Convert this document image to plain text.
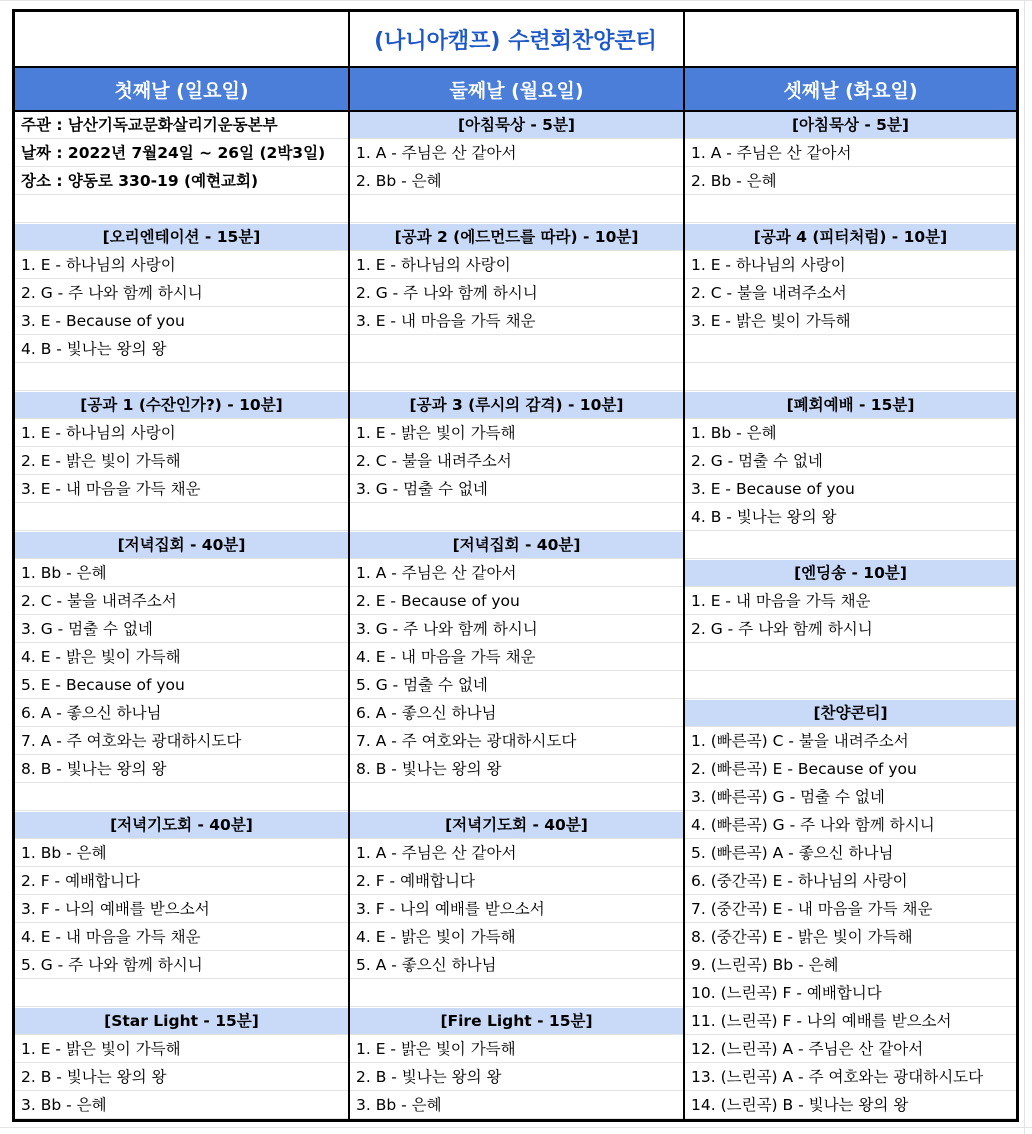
주관 : 남산기독교문화살리기운동본부
날짜 : 2022년 7월24일 ~ 26일 (2박3일)
장소 : 양동로 330-19 (예현교회)
[오리엔테이션 - 15분]
1. E - 하나님의 사랑이
2. G - 주 나와 함께 하시니
3. E - Because of you
4. B - 빛나는 왕의 왕
[공과 1 (수잔인가?) - 10분]
1. E - 하나님의 사랑이
2. E - 밝은 빛이 가득해
3. E - 내 마음을 가득 채운
[저녁집회 - 40분]
1. Bb - 은혜
2. C - 불을 내려주소서
3. G - 멈출 수 없네
4. E - 밝은 빛이 가득해
5. E - Because of you
6. A - 좋으신 하나님
7. A - 주 여호와는 광대하시도다
8. B - 빛나는 왕의 왕
[저녁기도회 - 40분]
1. Bb - 은혜
2. F - 예배합니다
3. F - 나의 예배를 받으소서
4. E - 내 마음을 가득 채운
5. G - 주 나와 함께 하시니
[Star Light - 15분]
1. E - 밝은 빛이 가득해
2. B - 빛나는 왕의 왕
3. Bb - 은혜
[아침묵상 - 5분]
1. A - 주님은 산 같아서
2. Bb - 은혜
[공과 2 (에드먼드를 따라) - 10분]
1. E - 하나님의 사랑이
2. G - 주 나와 함께 하시니
3. E - 내 마음을 가득 채운
[공과 3 (루시의 감격) - 10분]
1. E - 밝은 빛이 가득해
2. C - 불을 내려주소서
3. G - 멈출 수 없네
[저녁집회 - 40분]
1. A - 주님은 산 같아서
2. E - Because of you
3. G - 주 나와 함께 하시니
4. E - 내 마음을 가득 채운
5. G - 멈출 수 없네
6. A - 좋으신 하나님
7. A - 주 여호와는 광대하시도다
8. B - 빛나는 왕의 왕
[저녁기도회 - 40분]
1. A - 주님은 산 같아서
2. F - 예배합니다
3. F - 나의 예배를 받으소서
4. E - 밝은 빛이 가득해
5. A - 좋으신 하나님
[Fire Light - 15분]
1. E - 밝은 빛이 가득해
2. B - 빛나는 왕의 왕
3. Bb - 은혜
[아침묵상 - 5분]
1. A - 주님은 산 같아서
2. Bb - 은혜
[공과 4 (피터처럼) - 10분]
1. E - 하나님의 사랑이
2. C - 불을 내려주소서
3. E - 밝은 빛이 가득해
[폐회예배 - 15분]
1. Bb - 은혜
2. G - 멈출 수 없네
3. E - Because of you
4. B - 빛나는 왕의 왕
[엔딩송 - 10분]
1. E - 내 마음을 가득 채운
2. G - 주 나와 함께 하시니
[찬양콘티]
1. (빠른곡) C - 불을 내려주소서
2. (빠른곡) E - Because of you
3. (빠른곡) G - 멈출 수 없네
4. (빠른곡) G - 주 나와 함께 하시니
5. (빠른곡) A - 좋으신 하나님
6. (중간곡) E - 하나님의 사랑이
7. (중간곡) E - 내 마음을 가득 채운
8. (중간곡) E - 밝은 빛이 가득해
9. (느린곡) Bb - 은혜
10. (느린곡) F - 예배합니다
11. (느린곡) F - 나의 예배를 받으소서
12. (느린곡) A - 주님은 산 같아서
13. (느린곡) A - 주 여호와는 광대하시도다
14. (느린곡) B - 빛나는 왕의 왕
(나니아캠프) 수련회찬양콘티
첫째날 (일요일)	둘째날 (월요일)	셋째날 (화요일)
